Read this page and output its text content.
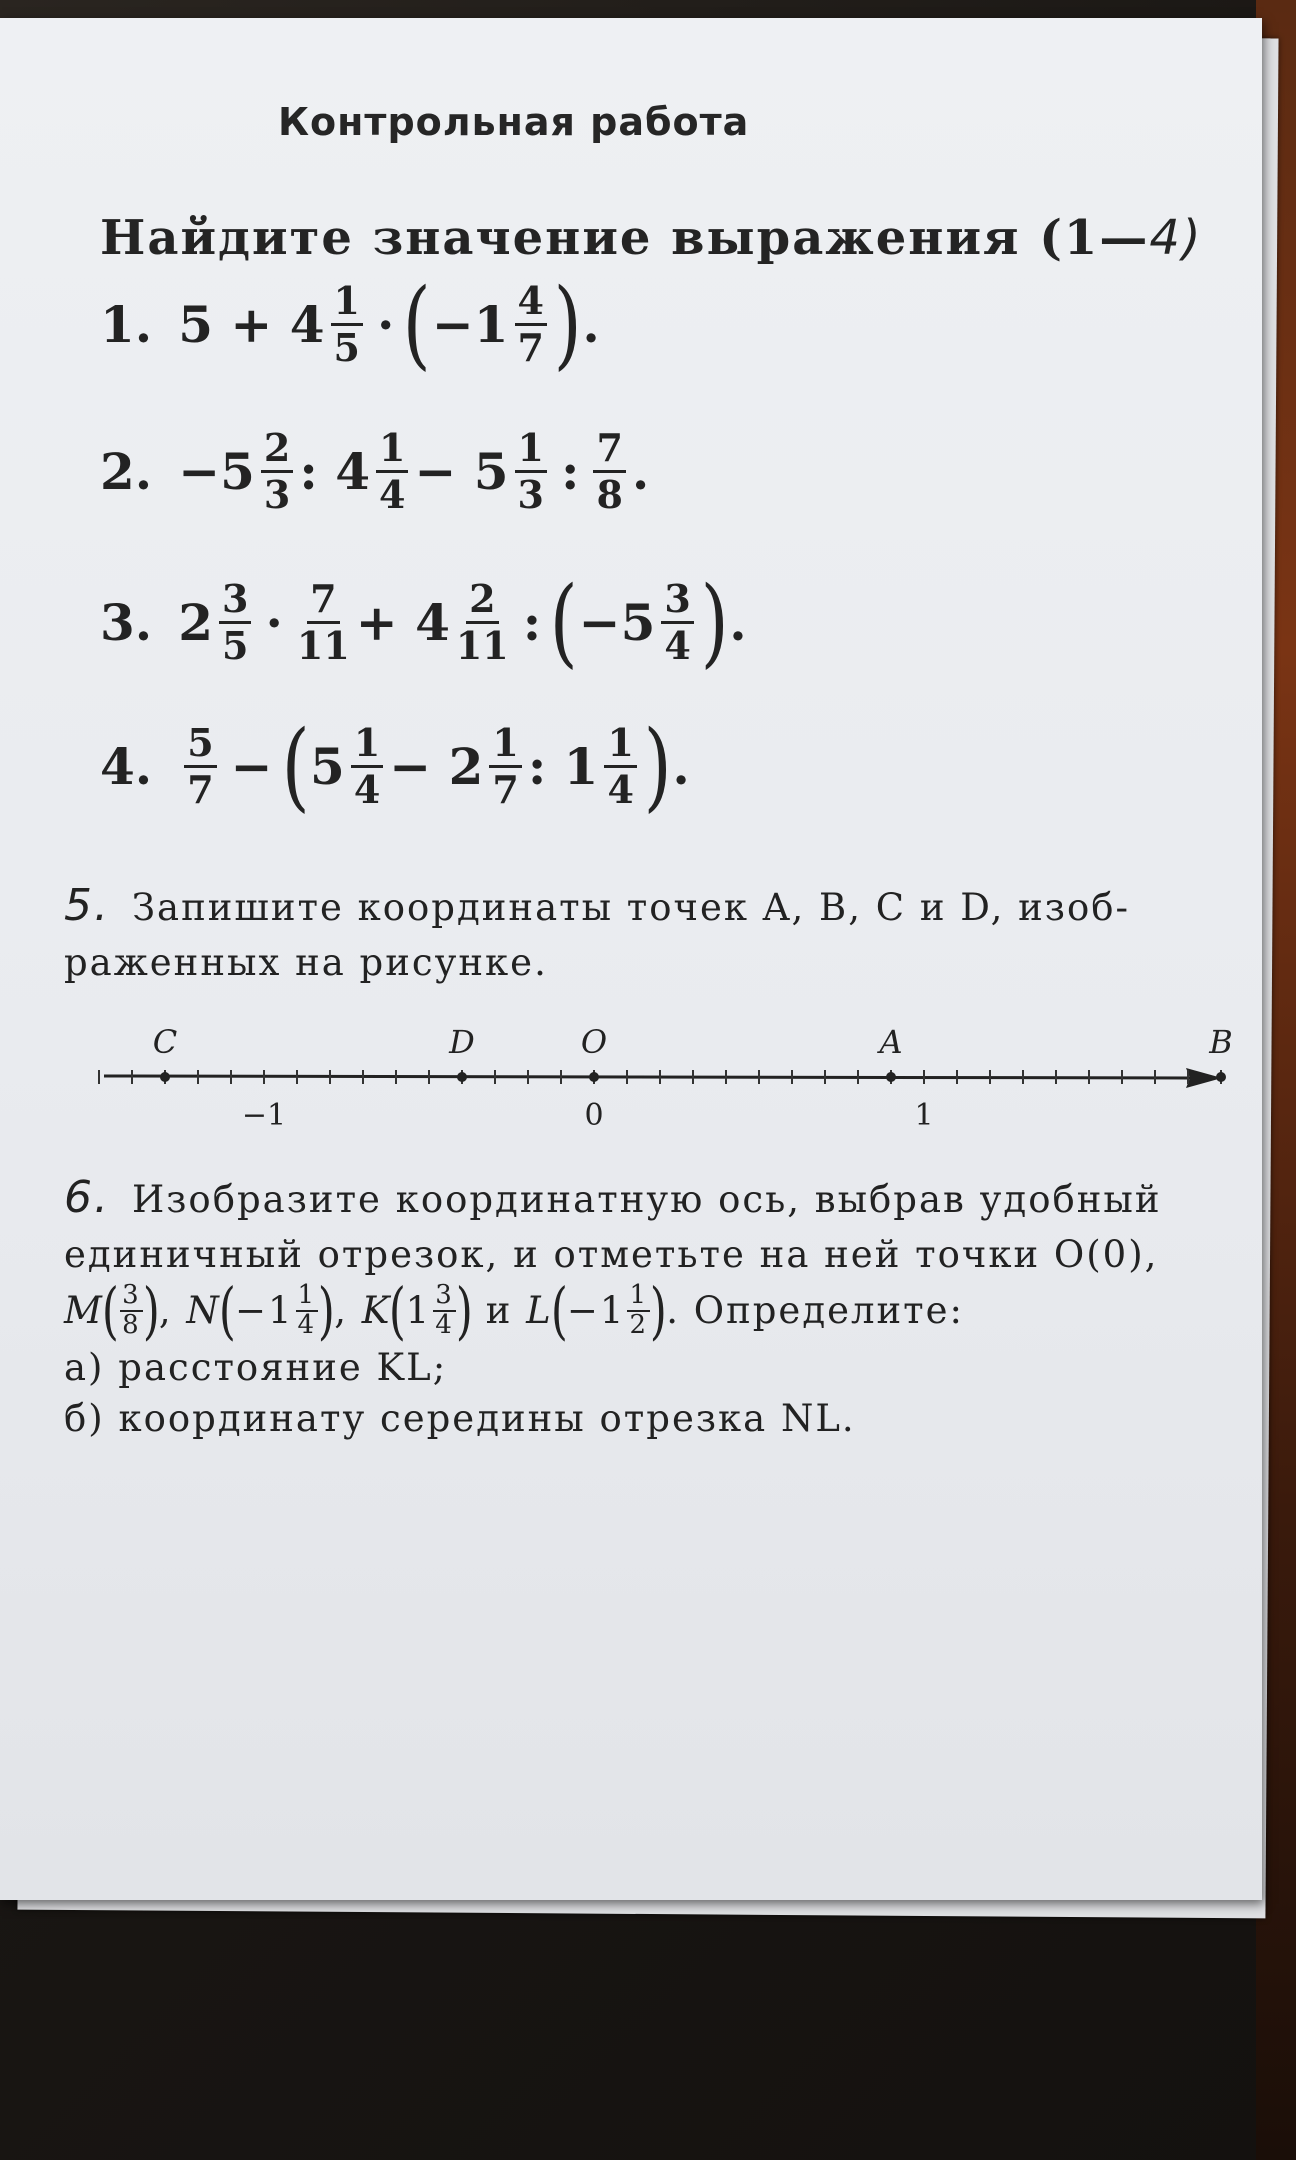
Контрольная работа
Найдите значение выражения (1—4)
1. $5 + 4 \frac{1}{5}$ · ( $-1 \frac{4}{7}$ ) .
2. $-5 \frac{2}{3}$ : $4 \frac{1}{4} - 5 \frac{1}{3}$ : $\frac{7}{8}$ .
3. $2 \frac{3}{5} \cdot \frac{7}{11} + 4 \frac{2}{11}$ : ( $-5 \frac{3}{4}$ ) .
4. $\frac{5}{7}$ − ( $5 \frac{1}{4} - 2 \frac{1}{7}$ : $1 \frac{1}{4}$ ) .
5. Запишите координаты точек A, B, C и D, изоб-
раженных на рисунке.
C	D	O	A	B
−1	0	1
6. Изобразите координатную ось, выбрав удобный
единичный отрезок, и отметьте на ней точки O(0),
M
( $\frac{3}{8}$ )
, N
(
$-1 \frac{1}{4}$ )
, K
(
$1 \frac{3}{4}$ )
и
L
(
$-1 \frac{1}{2}$ )
. Определите:
а) расстояние KL;
б) координату середины отрезка NL.
